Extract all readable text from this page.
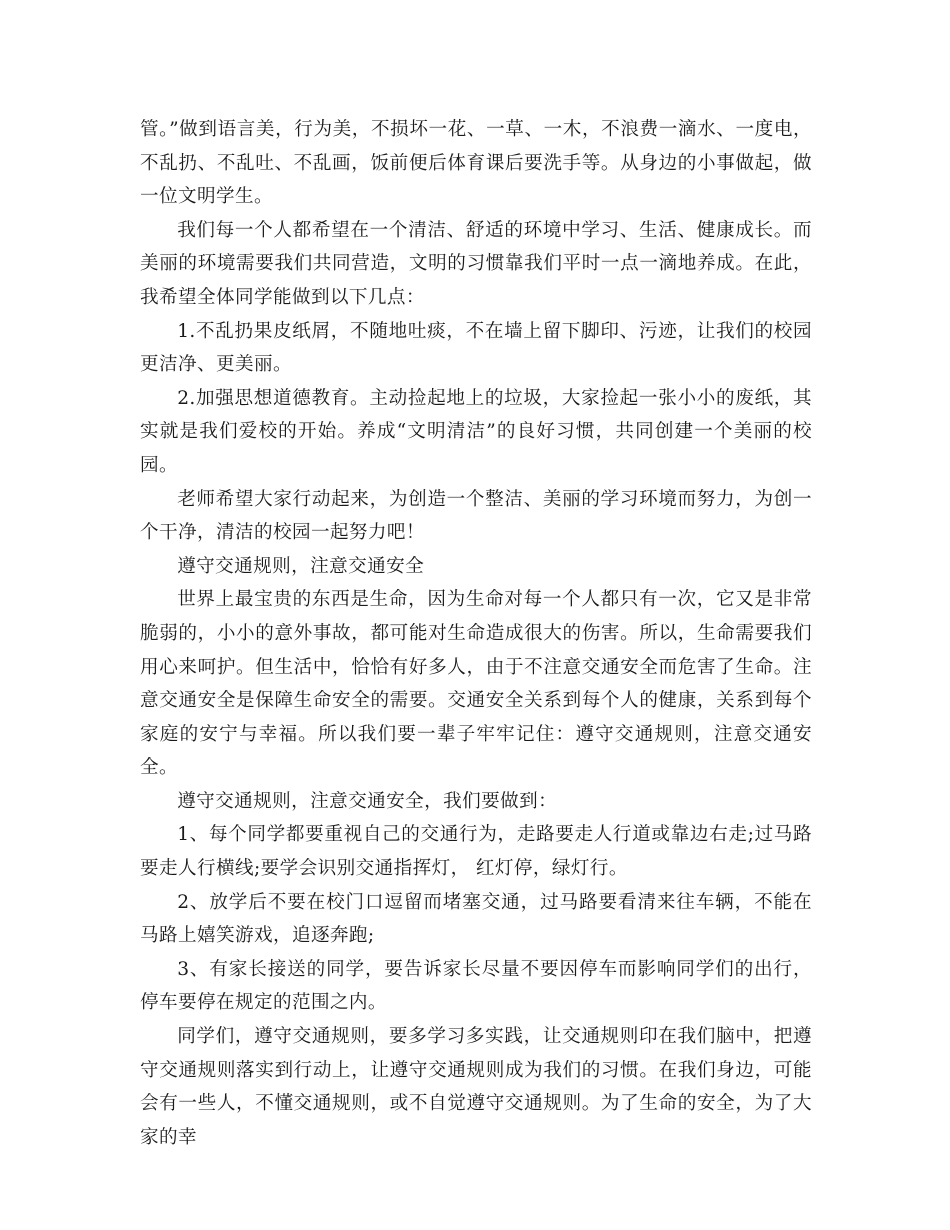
管。”做到语言美，行为美，不损坏一花、一草、一木，不浪费一滴水、一度电，不乱扔、不乱吐、不乱画，饭前便后体育课后要洗手等。从身边的小事做起，做一位文明学生。

我们每一个人都希望在一个清洁、舒适的环境中学习、生活、健康成长。而美丽的环境需要我们共同营造，文明的习惯靠我们平时一点一滴地养成。在此，我希望全体同学能做到以下几点：

1.不乱扔果皮纸屑，不随地吐痰，不在墙上留下脚印、污迹，让我们的校园更洁净、更美丽。

2.加强思想道德教育。主动捡起地上的垃圾，大家捡起一张小小的废纸，其实就是我们爱校的开始。养成“文明清洁”的良好习惯，共同创建一个美丽的校园。

老师希望大家行动起来，为创造一个整洁、美丽的学习环境而努力，为创一个干净，清洁的校园一起努力吧！

遵守交通规则，注意交通安全

世界上最宝贵的东西是生命，因为生命对每一个人都只有一次，它又是非常脆弱的，小小的意外事故，都可能对生命造成很大的伤害。所以，生命需要我们用心来呵护。但生活中，恰恰有好多人，由于不注意交通安全而危害了生命。注意交通安全是保障生命安全的需要。交通安全关系到每个人的健康，关系到每个家庭的安宁与幸福。所以我们要一辈子牢牢记住：遵守交通规则，注意交通安全。

遵守交通规则，注意交通安全，我们要做到：

1、每个同学都要重视自己的交通行为，走路要走人行道或靠边右走;过马路要走人行横线;要学会识别交通指挥灯， 红灯停，绿灯行。

2、放学后不要在校门口逗留而堵塞交通，过马路要看清来往车辆，不能在马路上嬉笑游戏，追逐奔跑;

3、有家长接送的同学，要告诉家长尽量不要因停车而影响同学们的出行，停车要停在规定的范围之内。

同学们，遵守交通规则，要多学习多实践，让交通规则印在我们脑中，把遵守交通规则落实到行动上，让遵守交通规则成为我们的习惯。在我们身边，可能会有一些人，不懂交通规则，或不自觉遵守交通规则。为了生命的安全，为了大家的幸
